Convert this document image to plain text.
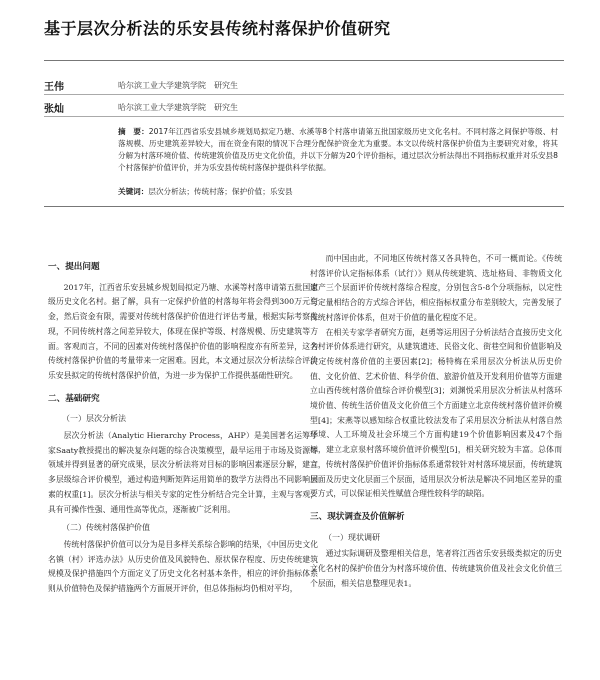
基于层次分析法的乐安县传统村落保护价值研究
王伟	哈尔滨工业大学建筑学院　研究生
张灿	哈尔滨工业大学建筑学院　研究生
摘　要：2017年江西省乐安县城乡规划局拟定乃塘、水溪等8个村落申请第五批国家级历史文化名村。不同村落之间保护等级、村落规模、历史建筑差异较大，而在资金有限的情况下合理分配保护资金尤为重要。本文以传统村落保护价值为主要研究对象，将其分解为村落环境价值、传统建筑价值及历史文化价值，并以下分解为20个评价指标，通过层次分析法得出不同指标权重并对乐安县8个村落保护价值评价，并为乐安县传统村落保护提供科学依据。
关键词：层次分析法；传统村落；保护价值；乐安县
一、提出问题

2017年，江西省乐安县城乡规划局拟定乃塘、水溪等村落申请第五批国家级历史文化名村。据了解，具有一定保护价值的村落每年将会得到300万元资金，然后资金有限，需要对传统村落保护价值进行评估考量，根据实际考察发现，不同传统村落之间差异较大，体现在保护等级、村落规模、历史建筑等方面。客观而言，不同的因素对传统村落保护价值的影响程度亦有所差异，这为传统村落保护价值的考量带来一定困难。因此，本文通过层次分析法综合评价乐安县拟定的传统村落保护价值，为进一步为保护工作提供基础性研究。

二、基础研究
（一）层次分析法

层次分析法（Analytic Hierarchy Process，AHP）是美国著名运筹学家Saaty教授提出的解决复杂问题的综合决策模型，最早运用于市场及资源等领域并得到显著的研究成果，层次分析法将对目标的影响因素逐层分解，建立多层级综合评价模型，通过构造判断矩阵运用简单的数学方法得出不同影响因素的权重[1]。层次分析法与相关专家的定性分析结合完全计算，主观与客观，具有可操作性强、通用性高等优点，逐渐被广泛利用。

（二）传统村落保护价值

传统村落保护价值可以分为是目多样关系综合影响的结果，《中国历史文化名镇（村）评选办法》从历史价值及风貌特色、原状保存程度、历史传统建筑规模及保护措施四个方面定义了历史文化名村基本条件，相应的评价指标体系则从价值特色及保护措施两个方面展开评价，但总体指标均仍相对平均，

而中国由此，不同地区传统村落又各具特色，不可一概而论。《传统村落评价认定指标体系（试行）》则从传统建筑、选址格局、非物质文化遗产三个层面评价传统村落综合程度，分别包含5-8个分项指标，以定性与定量相结合的方式综合评估，相应指标权重分布差别较大，完善发展了传统村落评价体系，但对于价值的量化程度不足。

在相关专家学者研究方面，赵勇等运用因子分析法结合直接历史文化名村评价体系进行研究，从建筑遗迹、民俗文化、街巷空间和价值影响及决定传统村落价值的主要因素[2]；杨特梅在采用层次分析法从历史价值、文化价值、艺术价值、科学价值、旅游价值及开发利用价值等方面建立山西传统村落价值综合评价模型[3]；刘渊悦采用层次分析法从村落环境价值、传统生活价值及文化价值三个方面建立北京传统村落价值评价模型[4]；宋燕等以感知综合权重比较法发布了采用层次分析法从村落自然环境、人工环境及社会环境三个方面构建19个价值影响因素及47个指标，建立北京泉村落环境价值评价模型[5]，相关研究较为丰富。总体而言，传统村落保护价值评价指标体系通常较针对村落环境层面，传统建筑层面及历史文化层面三个层面，适用层次分析法是解决不同地区差异的重要方式，可以保证相关性赋值合理性较科学的缺陷。

三、现状调查及价值解析
（一）现状调研

通过实际调研及整理相关信息，笔者将江西省乐安县级类拟定的历史文化名村的保护价值分为村落环境价值、传统建筑价值及社会文化价值三个层面，相关信息整理见表1。
